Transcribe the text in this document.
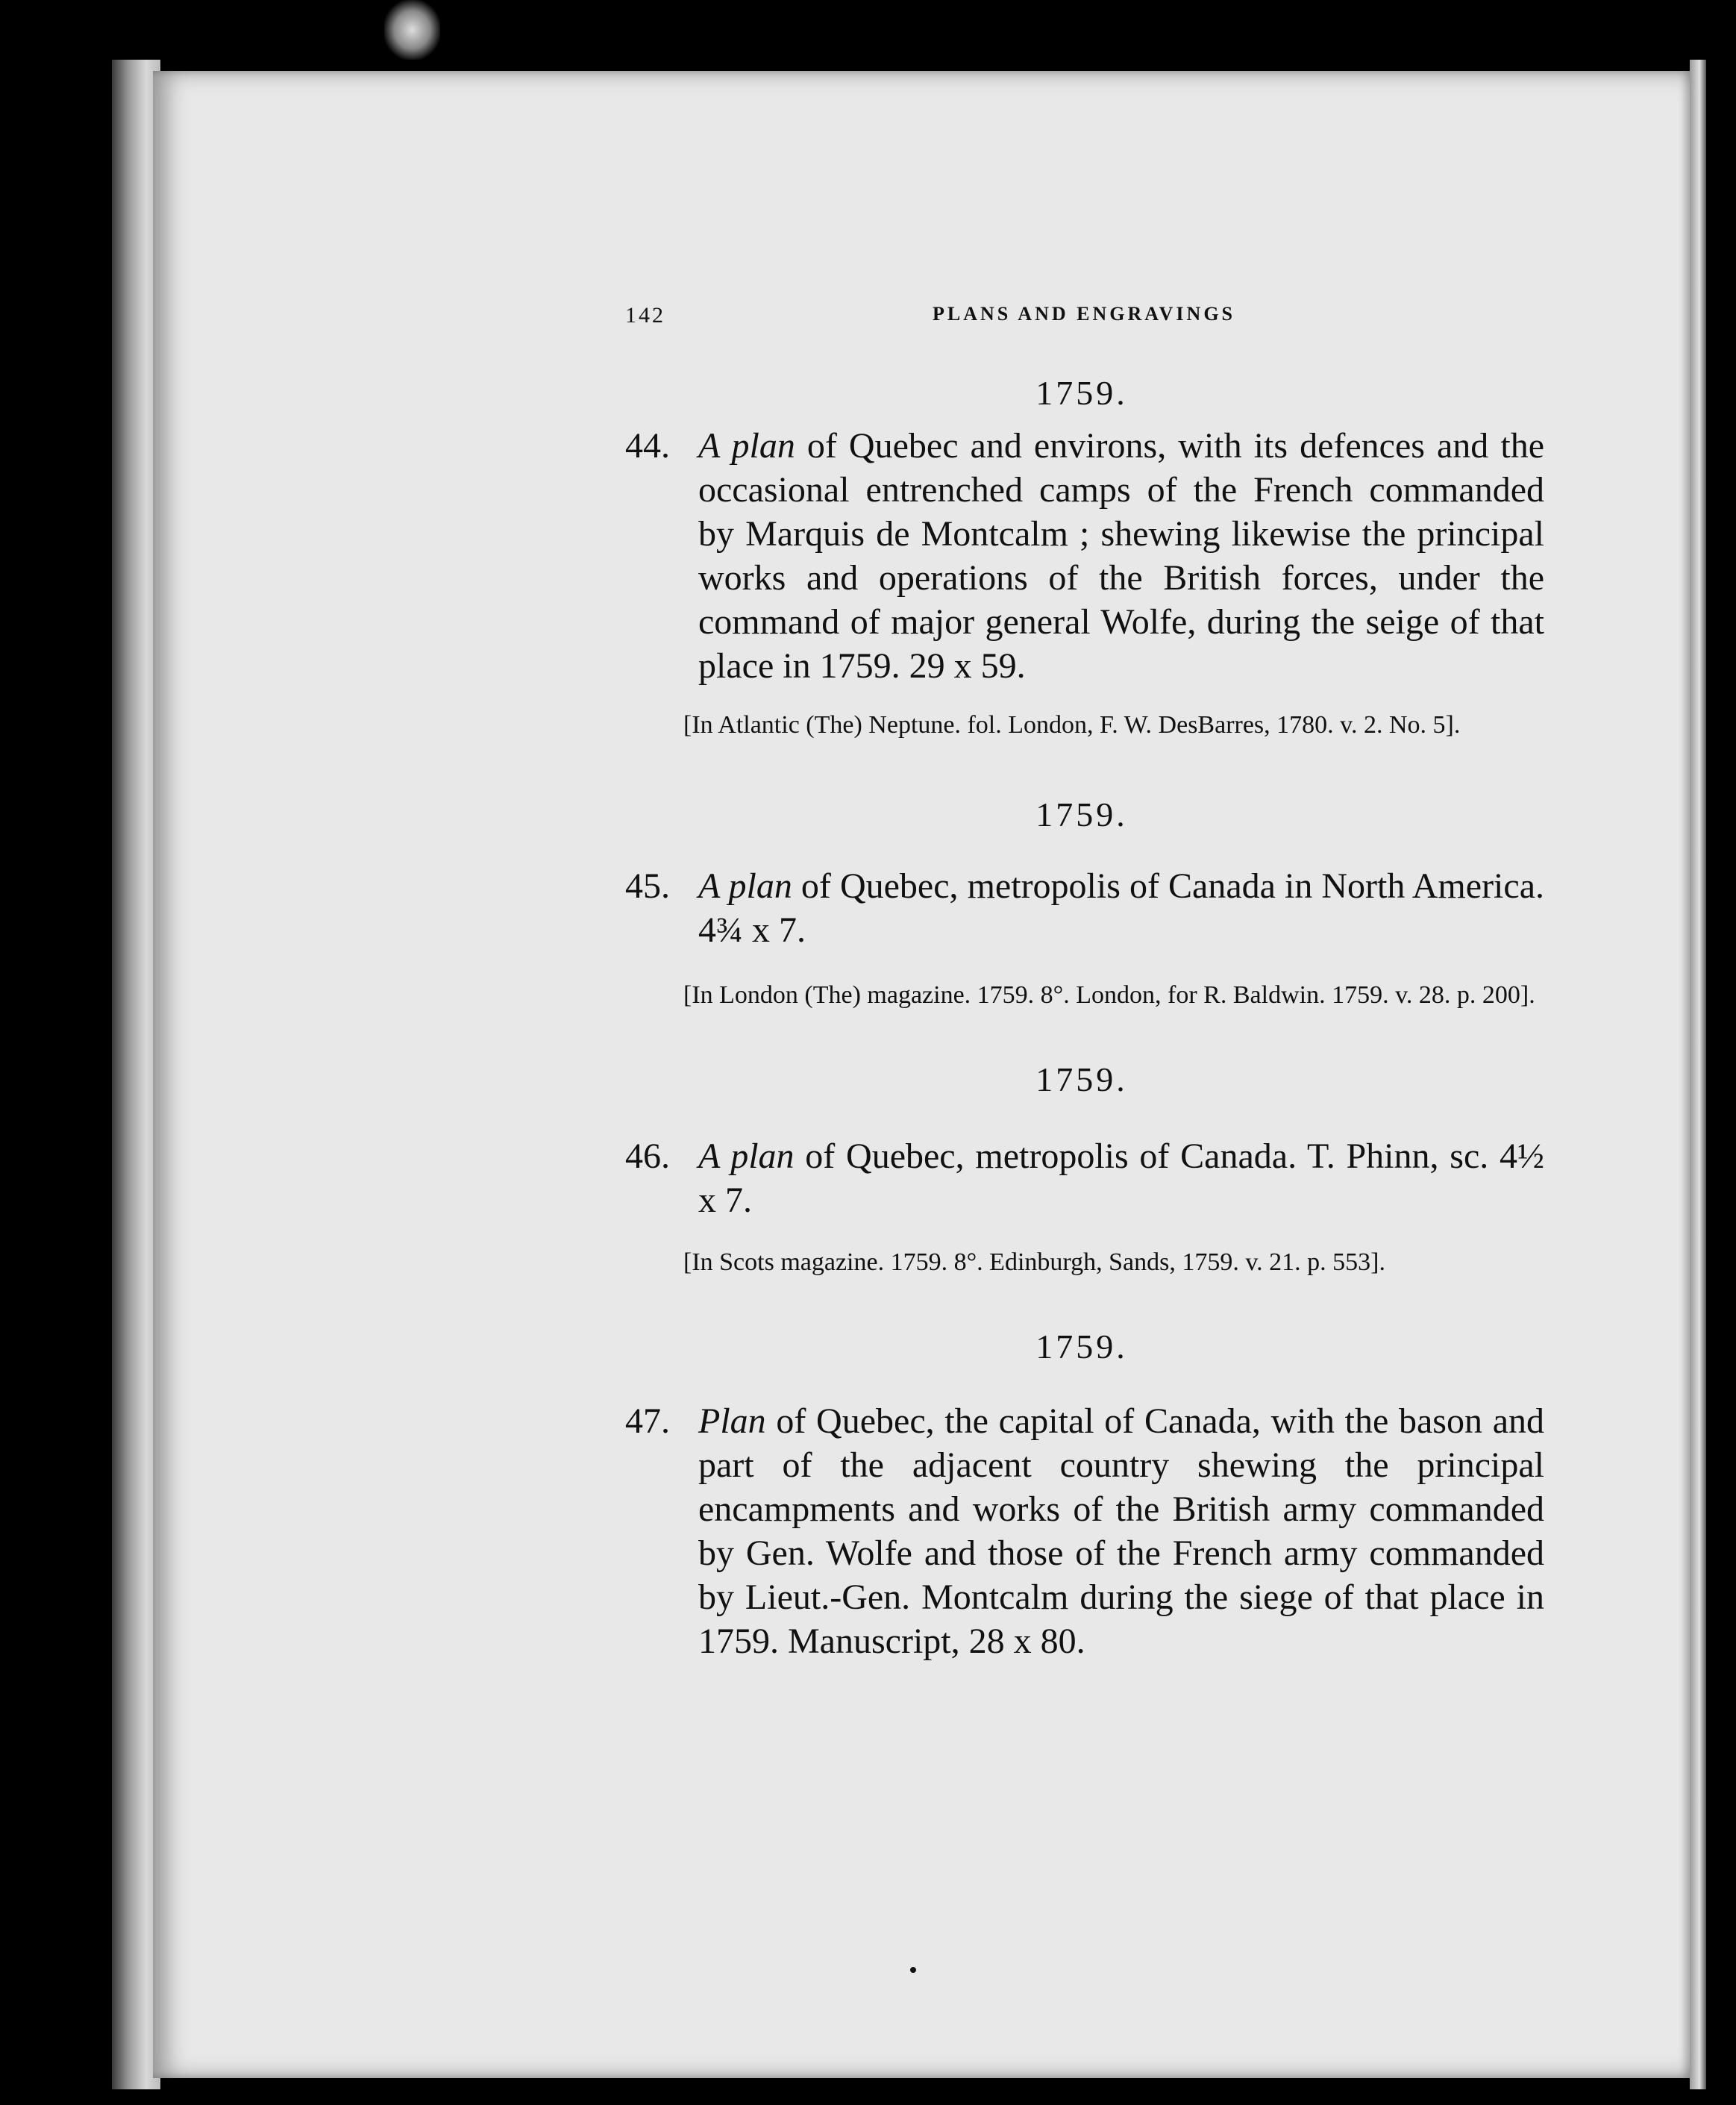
142	PLANS AND ENGRAVINGS
1759.
44. A plan of Quebec and environs, with its defences and the occasional entrenched camps of the French commanded by Marquis de Montcalm ; shewing likewise the principal works and operations of the British forces, under the command of major general Wolfe, during the seige of that place in 1759. 29 x 59.
[In Atlantic (The) Neptune. fol. London, F. W. DesBarres, 1780. v. 2. No. 5].
1759.
45. A plan of Quebec, metropolis of Canada in North America. 4¾ x 7.
[In London (The) magazine. 1759. 8°. London, for R. Baldwin. 1759. v. 28. p. 200].
1759.
46. A plan of Quebec, metropolis of Canada. T. Phinn, sc. 4½ x 7.
[In Scots magazine. 1759. 8°. Edinburgh, Sands, 1759. v. 21. p. 553].
1759.
47. Plan of Quebec, the capital of Canada, with the bason and part of the adjacent country shewing the principal encampments and works of the British army commanded by Gen. Wolfe and those of the French army commanded by Lieut.-Gen. Montcalm during the siege of that place in 1759. Manuscript, 28 x 80.
